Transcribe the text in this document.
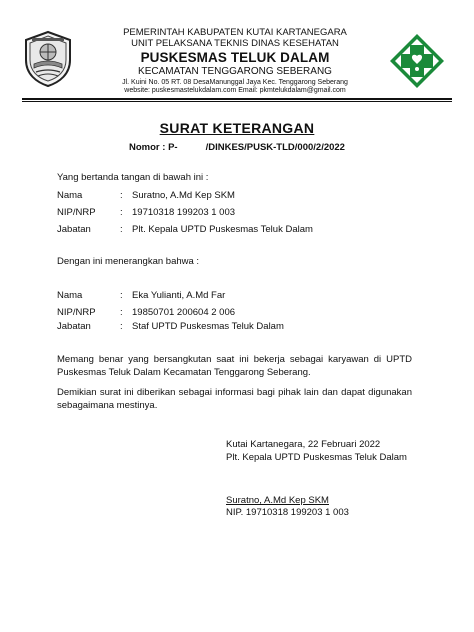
PEMERINTAH KABUPATEN KUTAI KARTANEGARA
UNIT PELAKSANA TEKNIS DINAS KESEHATAN
PUSKESMAS TELUK DALAM
KECAMATAN TENGGARONG SEBERANG
Jl. Kuini No. 05 RT. 08 DesaManunggal Jaya Kec. Tenggarong Seberang
website: puskesmastelukdalam.com Email: pkmtelukdalam@gmail.com
SURAT KETERANGAN
Nomor : P-	/DINKES/PUSK-TLD/000/2/2022
Yang bertanda tangan di bawah ini :
Nama	: Suratno, A.Md Kep SKM
NIP/NRP	: 19710318 199203 1 003
Jabatan	: Plt. Kepala UPTD Puskesmas Teluk Dalam
Dengan ini menerangkan bahwa :
Nama	: Eka Yulianti, A.Md Far
NIP/NRP	: 19850701 200604 2 006
Jabatan	: Staf UPTD Puskesmas Teluk Dalam
Memang benar yang bersangkutan saat ini bekerja sebagai karyawan di UPTD Puskesmas Teluk Dalam Kecamatan Tenggarong Seberang.
Demikian surat ini diberikan sebagai informasi bagi pihak lain dan dapat digunakan sebagaimana mestinya.
Kutai Kartanegara, 22 Februari 2022
Plt. Kepala UPTD Puskesmas Teluk Dalam
Suratno, A.Md Kep SKM
NIP. 19710318 199203 1 003
